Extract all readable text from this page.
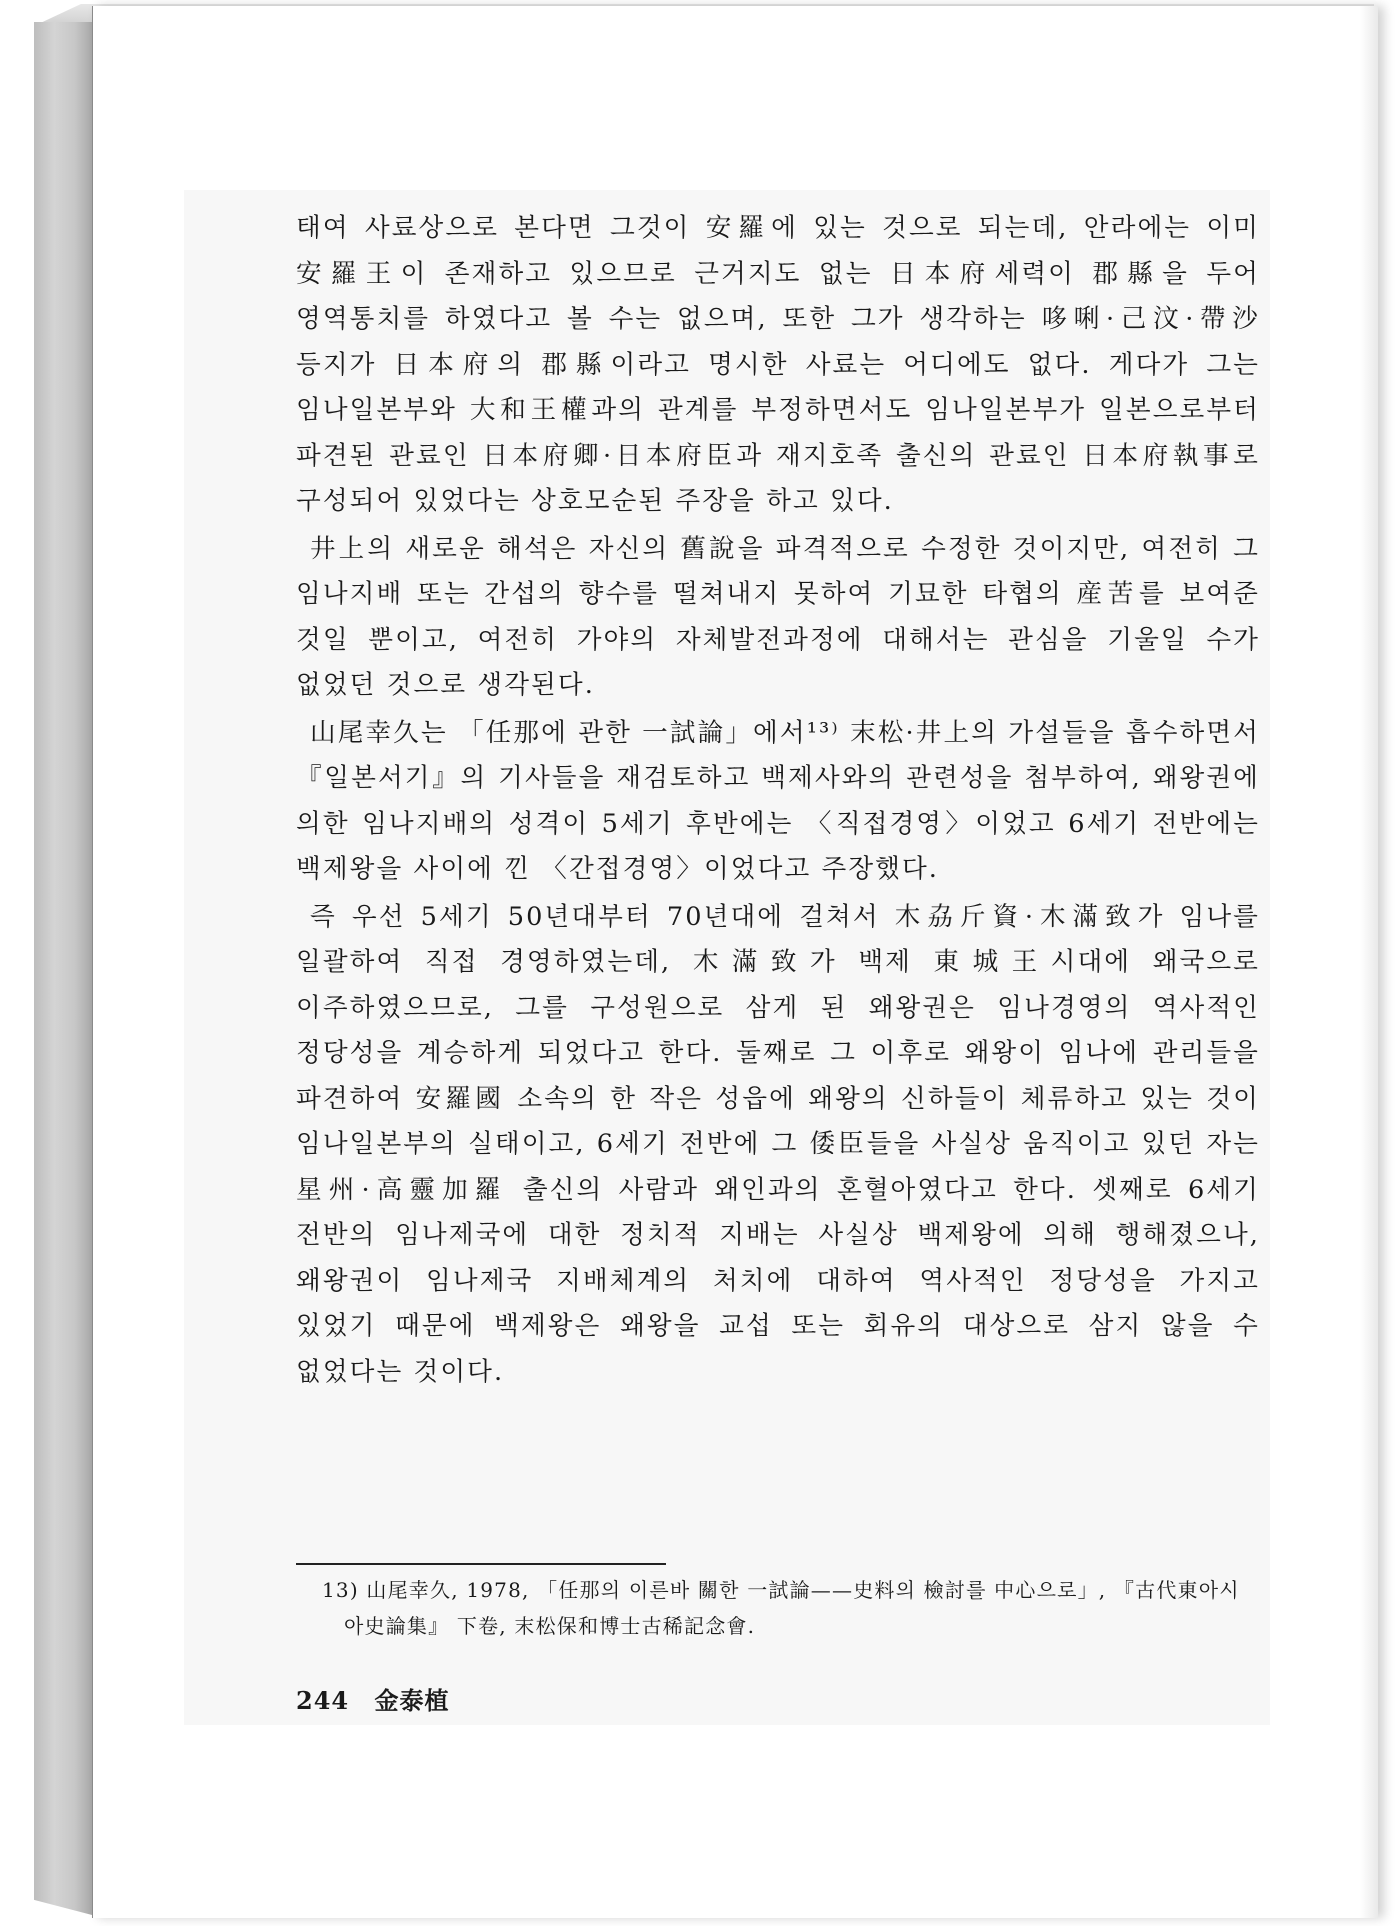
태여 사료상으로 본다면 그것이 安羅에 있는 것으로 되는데, 안라에는 이미 安羅王이 존재하고 있으므로 근거지도 없는 日本府세력이 郡縣을 두어 영역통치를 하였다고 볼 수는 없으며, 또한 그가 생각하는 哆唎·己汶·帶沙 등지가 日本府의 郡縣이라고 명시한 사료는 어디에도 없다. 게다가 그는 임나일본부와 大和王權과의 관계를 부정하면서도 임나일본부가 일본으로부터 파견된 관료인 日本府卿·日本府臣과 재지호족 출신의 관료인 日本府執事로 구성되어 있었다는 상호모순된 주장을 하고 있다.

井上의 새로운 해석은 자신의 舊說을 파격적으로 수정한 것이지만, 여전히 그 임나지배 또는 간섭의 향수를 떨쳐내지 못하여 기묘한 타협의 産苦를 보여준 것일 뿐이고, 여전히 가야의 자체발전과정에 대해서는 관심을 기울일 수가 없었던 것으로 생각된다.

山尾幸久는 「任那에 관한 一試論」에서¹³⁾ 末松·井上의 가설들을 흡수하면서 『일본서기』의 기사들을 재검토하고 백제사와의 관련성을 첨부하여, 왜왕권에 의한 임나지배의 성격이 5세기 후반에는 〈직접경영〉이었고 6세기 전반에는 백제왕을 사이에 낀 〈간접경영〉이었다고 주장했다.

즉 우선 5세기 50년대부터 70년대에 걸쳐서 木劦斤資·木滿致가 임나를 일괄하여 직접 경영하였는데, 木滿致가 백제 東城王시대에 왜국으로 이주하였으므로, 그를 구성원으로 삼게 된 왜왕권은 임나경영의 역사적인 정당성을 계승하게 되었다고 한다. 둘째로 그 이후로 왜왕이 임나에 관리들을 파견하여 安羅國 소속의 한 작은 성읍에 왜왕의 신하들이 체류하고 있는 것이 임나일본부의 실태이고, 6세기 전반에 그 倭臣들을 사실상 움직이고 있던 자는 星州·高靈加羅 출신의 사람과 왜인과의 혼혈아였다고 한다. 셋째로 6세기 전반의 임나제국에 대한 정치적 지배는 사실상 백제왕에 의해 행해졌으나, 왜왕권이 임나제국 지배체계의 처치에 대하여 역사적인 정당성을 가지고 있었기 때문에 백제왕은 왜왕을 교섭 또는 회유의 대상으로 삼지 않을 수 없었다는 것이다.

13) 山尾幸久, 1978, 「任那의 이른바 關한 一試論——史料의 檢討를 中心으로」, 『古代東아시아史論集』 下卷, 末松保和博士古稀記念會.
244 金泰植
